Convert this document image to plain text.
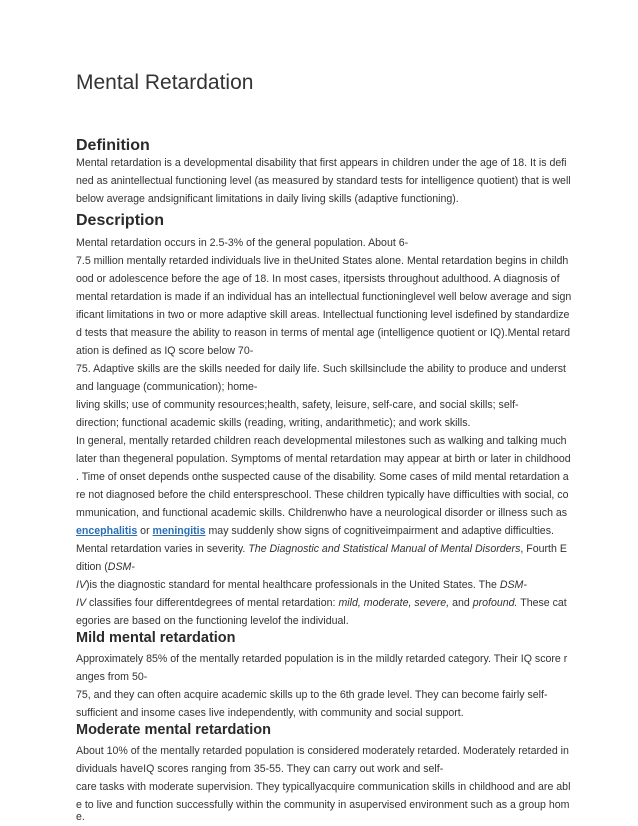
Mental Retardation
Definition
Mental retardation is a developmental disability that first appears in children under the age of 18. It is defi
ned as anintellectual functioning level (as measured by standard tests for intelligence quotient) that is well
below average andsignificant limitations in daily living skills (adaptive functioning).
Description
Mental retardation occurs in 2.5-3% of the general population. About 6-
7.5 million mentally retarded individuals live in theUnited States alone. Mental retardation begins in childh
ood or adolescence before the age of 18. In most cases, itpersists throughout adulthood. A diagnosis of
mental retardation is made if an individual has an intellectual functioninglevel well below average and sign
ificant limitations in two or more adaptive skill areas. Intellectual functioning level isdefined by standardize
d tests that measure the ability to reason in terms of mental age (intelligence quotient or IQ).Mental retard
ation is defined as IQ score below 70-
75. Adaptive skills are the skills needed for daily life. Such skillsinclude the ability to produce and underst
and language (communication); home-
living skills; use of community resources;health, safety, leisure, self-care, and social skills; self-
direction; functional academic skills (reading, writing, andarithmetic); and work skills.
In general, mentally retarded children reach developmental milestones such as walking and talking much
later than thegeneral population. Symptoms of mental retardation may appear at birth or later in childhood
. Time of onset depends onthe suspected cause of the disability. Some cases of mild mental retardation a
re not diagnosed before the child enterspreschool. These children typically have difficulties with social, co
mmunication, and functional academic skills. Childrenwho have a neurological disorder or illness such as
encephalitis or meningitis may suddenly show signs of cognitiveimpairment and adaptive difficulties.
Mental retardation varies in severity. The Diagnostic and Statistical Manual of Mental Disorders, Fourth E
dition (DSM-
IV)is the diagnostic standard for mental healthcare professionals in the United States. The DSM-
IV classifies four differentdegrees of mental retardation: mild, moderate, severe, and profound. These cat
egories are based on the functioning levelof the individual.
Mild mental retardation
Approximately 85% of the mentally retarded population is in the mildly retarded category. Their IQ score r
anges from 50-
75, and they can often acquire academic skills up to the 6th grade level. They can become fairly self-
sufficient and insome cases live independently, with community and social support.
Moderate mental retardation
About 10% of the mentally retarded population is considered moderately retarded. Moderately retarded in
dividuals haveIQ scores ranging from 35-55. They can carry out work and self-
care tasks with moderate supervision. They typicallyacquire communication skills in childhood and are abl
e to live and function successfully within the community in asupervised environment such as a group hom
e.
